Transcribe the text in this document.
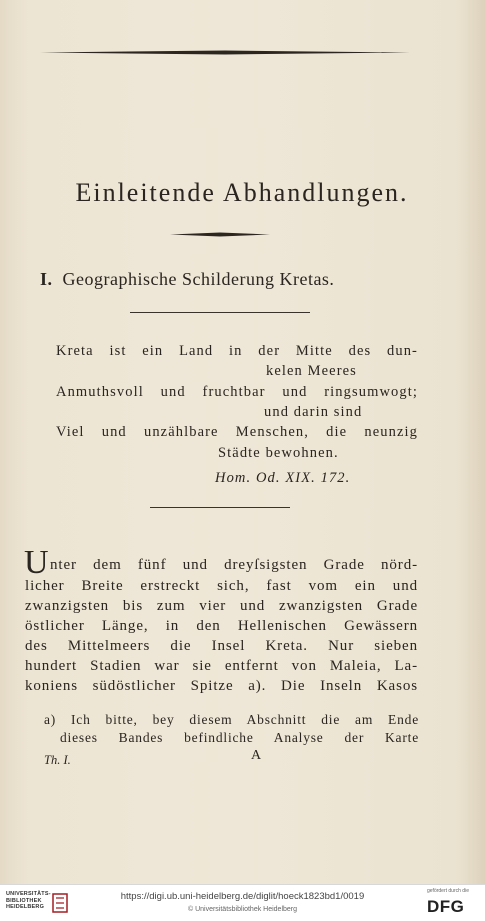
Einleitende Abhandlungen.
I. Geographische Schilderung Kretas.

Kreta ist ein Land in der Mitte des dun-

kelen Meeres

Anmuthsvoll und fruchtbar und ringsumwogt;

und darin sind

Viel und unzählbare Menschen, die neunzig

Städte bewohnen.

Hom. Od. XIX. 172.

U nter dem fünf und dreyſsigsten Grade nörd-

licher Breite erstreckt sich, fast vom ein und

zwanzigsten bis zum vier und zwanzigsten Grade

östlicher Länge, in den Hellenischen Gewässern

des Mittelmeers die Insel Kreta. Nur sieben

hundert Stadien war sie entfernt von Maleia, La-

koniens südöstlicher Spitze a). Die Inseln Kasos

a) Ich bitte, bey diesem Abschnitt die am Ende

dieses Bandes befindliche Analyse der Karte

Th. I.	A
UNIVERSITÄTS-
BIBLIOTHEK
HEIDELBERG
https://digi.ub.uni-heidelberg.de/diglit/hoeck1823bd1/0019
© Universitätsbibliothek Heidelberg
gefördert durch die
DFG
